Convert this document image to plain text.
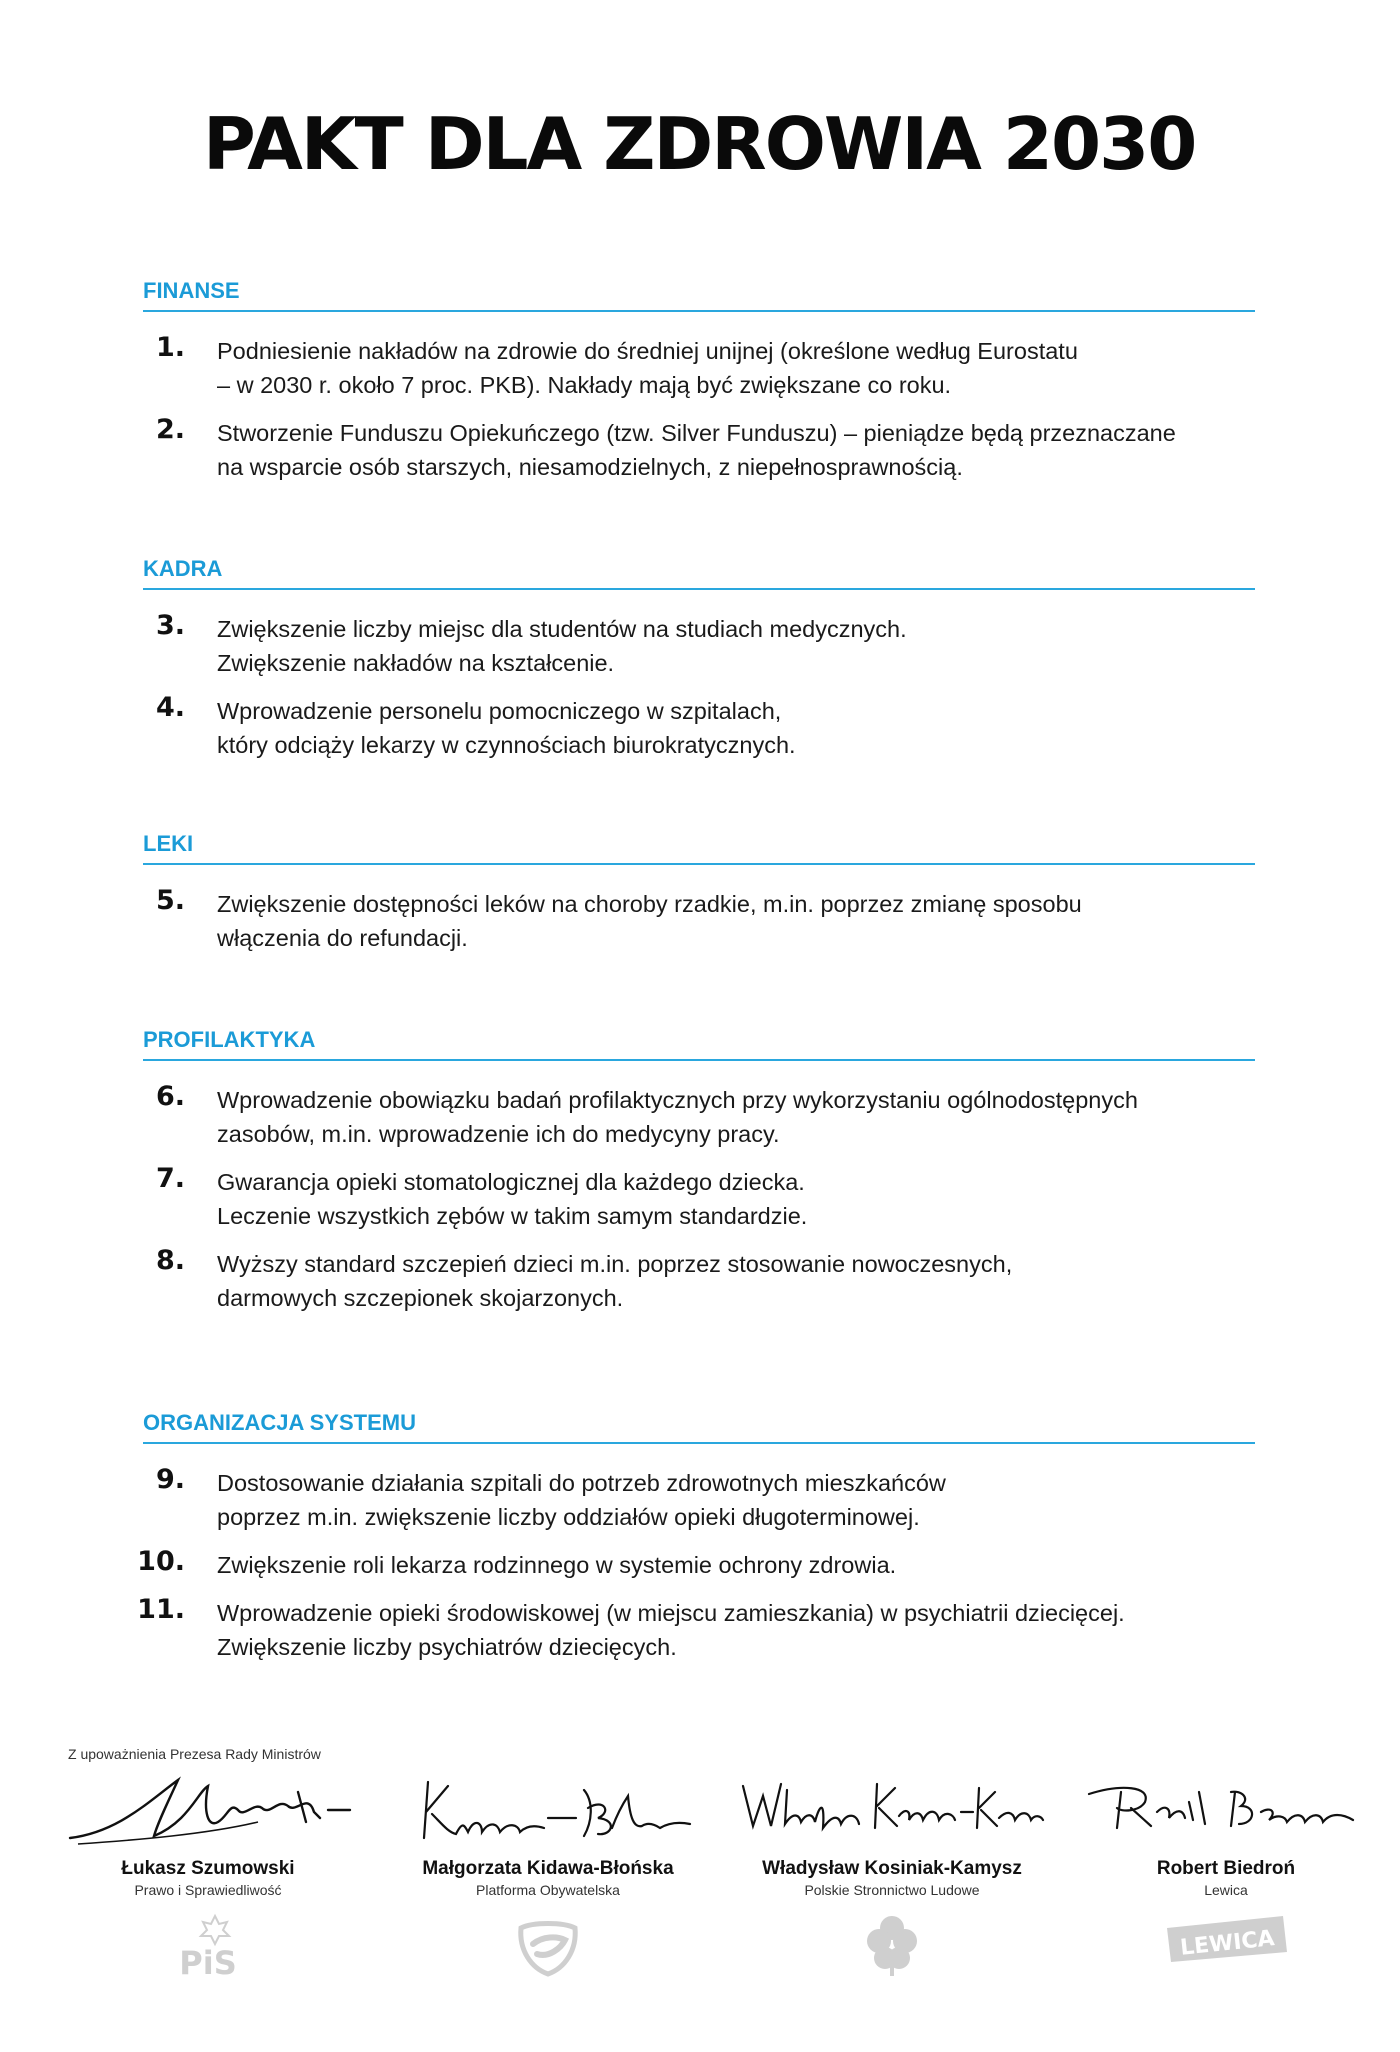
PAKT DLA ZDROWIA 2030
FINANSE
1. Podniesienie nakładów na zdrowie do średniej unijnej (określone według Eurostatu
– w 2030 r. około 7 proc. PKB). Nakłady mają być zwiększane co roku.
2. Stworzenie Funduszu Opiekuńczego (tzw. Silver Funduszu) – pieniądze będą przeznaczane
na wsparcie osób starszych, niesamodzielnych, z niepełnosprawnością.
KADRA
3. Zwiększenie liczby miejsc dla studentów na studiach medycznych.
Zwiększenie nakładów na kształcenie.
4. Wprowadzenie personelu pomocniczego w szpitalach,
który odciąży lekarzy w czynnościach biurokratycznych.
LEKI
5. Zwiększenie dostępności leków na choroby rzadkie, m.in. poprzez zmianę sposobu
włączenia do refundacji.
PROFILAKTYKA
6. Wprowadzenie obowiązku badań profilaktycznych przy wykorzystaniu ogólnodostępnych
zasobów, m.in. wprowadzenie ich do medycyny pracy.
7. Gwarancja opieki stomatologicznej dla każdego dziecka.
Leczenie wszystkich zębów w takim samym standardzie.
8. Wyższy standard szczepień dzieci m.in. poprzez stosowanie nowoczesnych,
darmowych szczepionek skojarzonych.
ORGANIZACJA SYSTEMU
9. Dostosowanie działania szpitali do potrzeb zdrowotnych mieszkańców
poprzez m.in. zwiększenie liczby oddziałów opieki długoterminowej.
10. Zwiększenie roli lekarza rodzinnego w systemie ochrony zdrowia.
11. Wprowadzenie opieki środowiskowej (w miejscu zamieszkania) w psychiatrii dziecięcej.
Zwiększenie liczby psychiatrów dziecięcych.
Z upoważnienia Prezesa Rady Ministrów
Łukasz Szumowski
Prawo i Sprawiedliwość
PiS
Małgorzata Kidawa-Błońska
Platforma Obywatelska
Władysław Kosiniak-Kamysz
Polskie Stronnictwo Ludowe
Robert Biedroń
Lewica
LEWICA
